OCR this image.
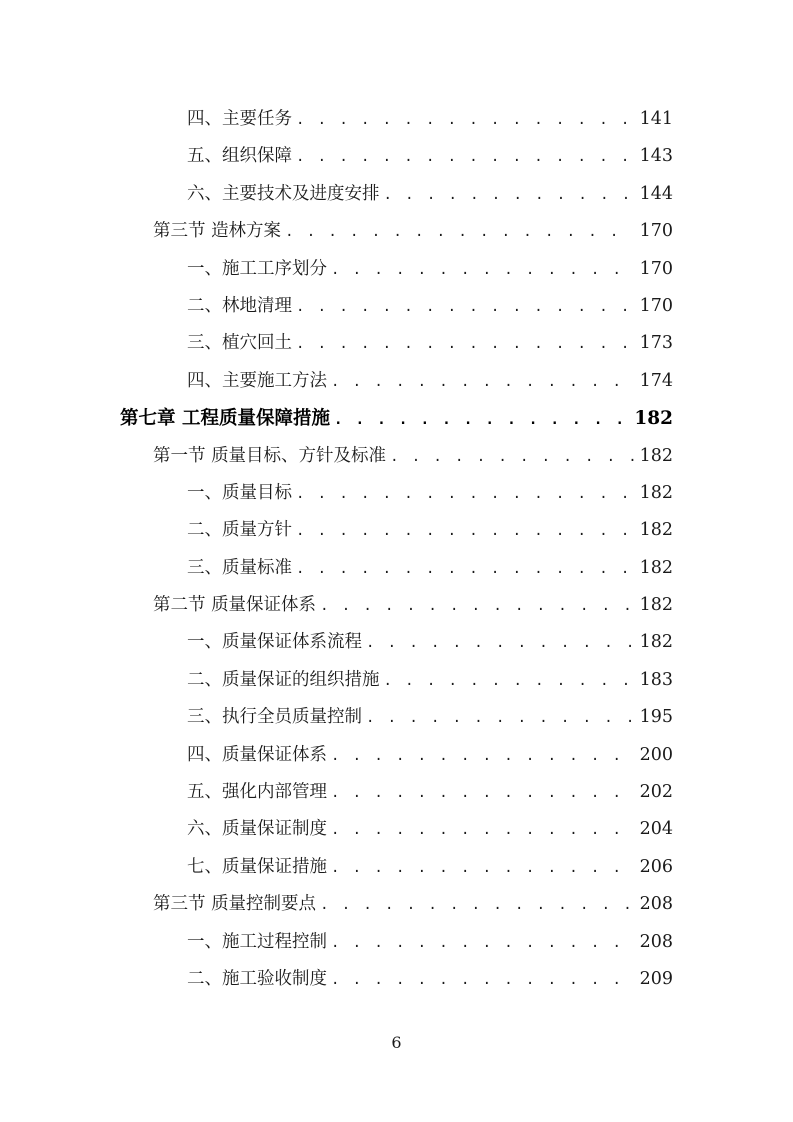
四、主要任务 . . .	141
五、组织保障 . . .	143
六、主要技术及进度安排 . . .	144
第三节 造林方案 . . .	170
一、施工工序划分 . . .	170
二、林地清理 . . .	170
三、植穴回土 . . .	173
四、主要施工方法 . . .	174
第七章 工程质量保障措施 . . .	182
第一节 质量目标、方针及标准 . . .	182
一、质量目标 . . .	182
二、质量方针 . . .	182
三、质量标准 . . .	182
第二节 质量保证体系 . . .	182
一、质量保证体系流程 . . .	182
二、质量保证的组织措施 . . .	183
三、执行全员质量控制 . . .	195
四、质量保证体系 . . .	200
五、强化内部管理 . . .	202
六、质量保证制度 . . .	204
七、质量保证措施 . . .	206
第三节 质量控制要点 . . .	208
一、施工过程控制 . . .	208
二、施工验收制度 . . .	209
6
